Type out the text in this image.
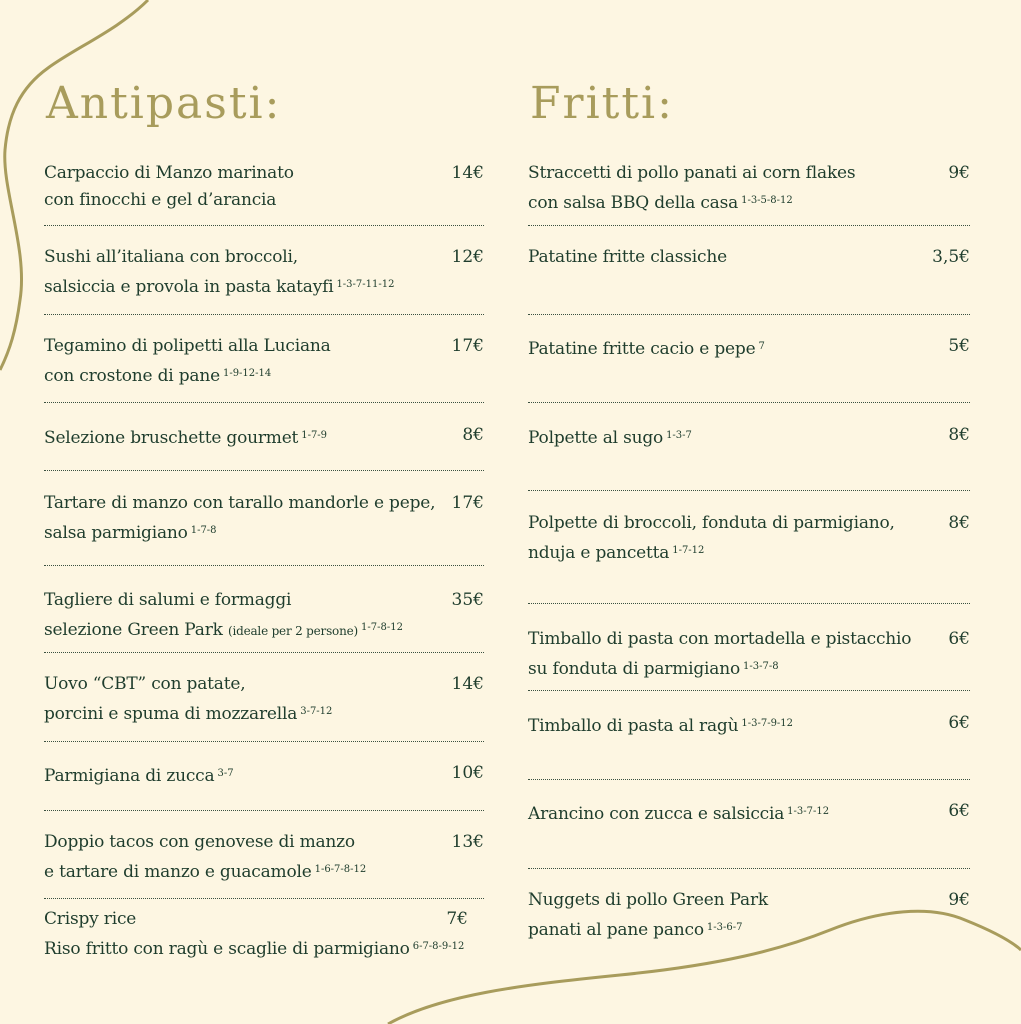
Antipasti:
Carpaccio di Manzo marinato
con finocchi e gel d’arancia
14€
Sushi all’italiana con broccoli,
salsiccia e provola in pasta katayfi $^{1-3-7-11-12}$
12€
Tegamino di polipetti alla Luciana
con crostone di pane $^{1-9-12-14}$
17€
Selezione bruschette gourmet $^{1-7-9}$	8€
Tartare di manzo con tarallo mandorle e pepe,
salsa parmigiano $^{1-7-8}$
17€
Tagliere di salumi e formaggi
selezione Green Park (ideale per 2 persone) $^{1-7-8-12}$
35€
Uovo “CBT” con patate,
porcini e spuma di mozzarella $^{3-7-12}$
14€
Parmigiana di zucca $^{3-7}$	10€
Doppio tacos con genovese di manzo
e tartare di manzo e guacamole $^{1-6-7-8-12}$
13€
Crispy rice
Riso fritto con ragù e scaglie di parmigiano $^{6-7-8-9-12}$
7€
Fritti:
Straccetti di pollo panati ai corn flakes
con salsa BBQ della casa $^{1-3-5-8-12}$
9€
Patatine fritte classiche	3,5€
Patatine fritte cacio e pepe $^7$	5€
Polpette al sugo $^{1-3-7}$	8€
Polpette di broccoli, fonduta di parmigiano,
nduja e pancetta $^{1-7-12}$
8€
Timballo di pasta con mortadella e pistacchio
su fonduta di parmigiano $^{1-3-7-8}$
6€
Timballo di pasta al ragù $^{1-3-7-9-12}$	6€
Arancino con zucca e salsiccia $^{1-3-7-12}$	6€
Nuggets di pollo Green Park
panati al pane panco $^{1-3-6-7}$
9€
